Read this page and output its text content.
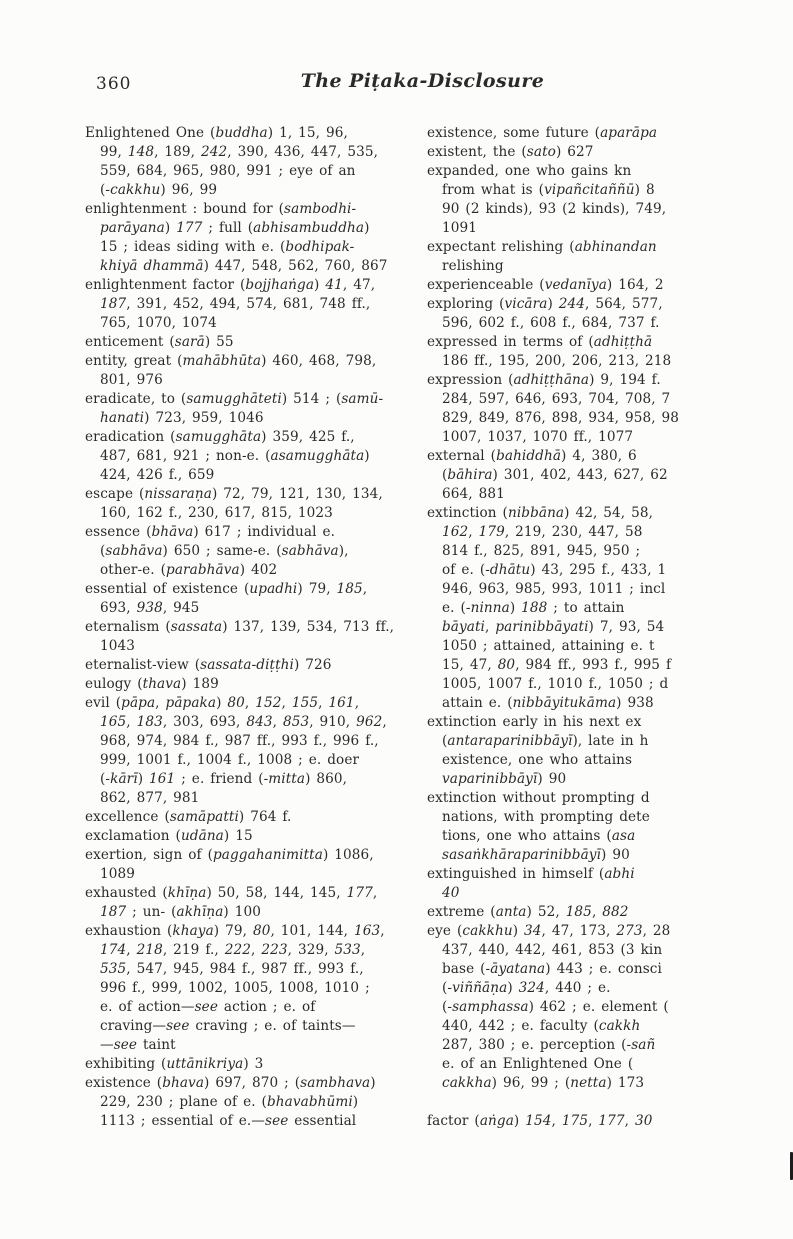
360	The Piṭaka-Disclosure

Enlightened One (buddha) 1, 15, 96,
99, 148, 189, 242, 390, 436, 447, 535,
559, 684, 965, 980, 991 ; eye of an
(-cakkhu) 96, 99

enlightenment : bound for (sambodhi-
parāyana) 177 ; full (abhisambuddha)
15 ; ideas siding with e. (bodhipak-
khiyā dhammā) 447, 548, 562, 760, 867

enlightenment factor (bojjhaṅga) 41, 47,
187, 391, 452, 494, 574, 681, 748 ff.,
765, 1070, 1074

enticement (sarā) 55

entity, great (mahābhūta) 460, 468, 798,
801, 976

eradicate, to (samugghāteti) 514 ; (samū-
hanati) 723, 959, 1046

eradication (samugghāta) 359, 425 f.,
487, 681, 921 ; non-e. (asamugghāta)
424, 426 f., 659

escape (nissaraṇa) 72, 79, 121, 130, 134,
160, 162 f., 230, 617, 815, 1023

essence (bhāva) 617 ; individual e.
(sabhāva) 650 ; same-e. (sabhāva),
other-e. (parabhāva) 402

essential of existence (upadhi) 79, 185,
693, 938, 945

eternalism (sassata) 137, 139, 534, 713 ff.,
1043

eternalist-view (sassata-diṭṭhi) 726

eulogy (thava) 189

evil (pāpa, pāpaka) 80, 152, 155, 161,
165, 183, 303, 693, 843, 853, 910, 962,
968, 974, 984 f., 987 ff., 993 f., 996 f.,
999, 1001 f., 1004 f., 1008 ; e. doer
(-kārī) 161 ; e. friend (-mitta) 860,
862, 877, 981

excellence (samāpatti) 764 f.

exclamation (udāna) 15

exertion, sign of (paggahanimitta) 1086,
1089

exhausted (khīṇa) 50, 58, 144, 145, 177,
187 ; un- (akhīṇa) 100

exhaustion (khaya) 79, 80, 101, 144, 163,
174, 218, 219 f., 222, 223, 329, 533,
535, 547, 945, 984 f., 987 ff., 993 f.,
996 f., 999, 1002, 1005, 1008, 1010 ;
e. of action—see action ; e. of
craving—see craving ; e. of taints—
—see taint

exhibiting (uttānikriya) 3

existence (bhava) 697, 870 ; (sambhava)
229, 230 ; plane of e. (bhavabhūmi)
1113 ; essential of e.—see essential

existence, some future (aparāpa

existent, the (sato) 627

expanded, one who gains kn
from what is (vipañcitaññū) 8
90 (2 kinds), 93 (2 kinds), 749,
1091

expectant relishing (abhinandan
relishing

experienceable (vedanīya) 164, 2

exploring (vicāra) 244, 564, 577,
596, 602 f., 608 f., 684, 737 f.

expressed in terms of (adhiṭṭhā
186 ff., 195, 200, 206, 213, 218

expression (adhiṭṭhāna) 9, 194 f.
284, 597, 646, 693, 704, 708, 7
829, 849, 876, 898, 934, 958, 98
1007, 1037, 1070 ff., 1077

external (bahiddhā) 4, 380, 6
(bāhira) 301, 402, 443, 627, 62
664, 881

extinction (nibbāna) 42, 54, 58,
162, 179, 219, 230, 447, 58
814 f., 825, 891, 945, 950 ;
of e. (-dhātu) 43, 295 f., 433, 1
946, 963, 985, 993, 1011 ; incl
e. (-ninna) 188 ; to attain
bāyati, parinibbāyati) 7, 93, 54
1050 ; attained, attaining e. t
15, 47, 80, 984 ff., 993 f., 995 f
1005, 1007 f., 1010 f., 1050 ; d
attain e. (nibbāyitukāma) 938

extinction early in his next ex
(antaraparinibbāyī), late in h
existence, one who attains
vaparinibbāyī) 90

extinction without prompting d
nations, with prompting dete
tions, one who attains (asa
sasaṅkhāraparinibbāyī) 90

extinguished in himself (abhi
40

extreme (anta) 52, 185, 882

eye (cakkhu) 34, 47, 173, 273, 28
437, 440, 442, 461, 853 (3 kin
base (-āyatana) 443 ; e. consci
(-viññāṇa) 324, 440 ; e.
(-samphassa) 462 ; e. element (
440, 442 ; e. faculty (cakkh
287, 380 ; e. perception (-sañ
e. of an Enlightened One (
cakkha) 96, 99 ; (netta) 173

factor (aṅga) 154, 175, 177, 30
